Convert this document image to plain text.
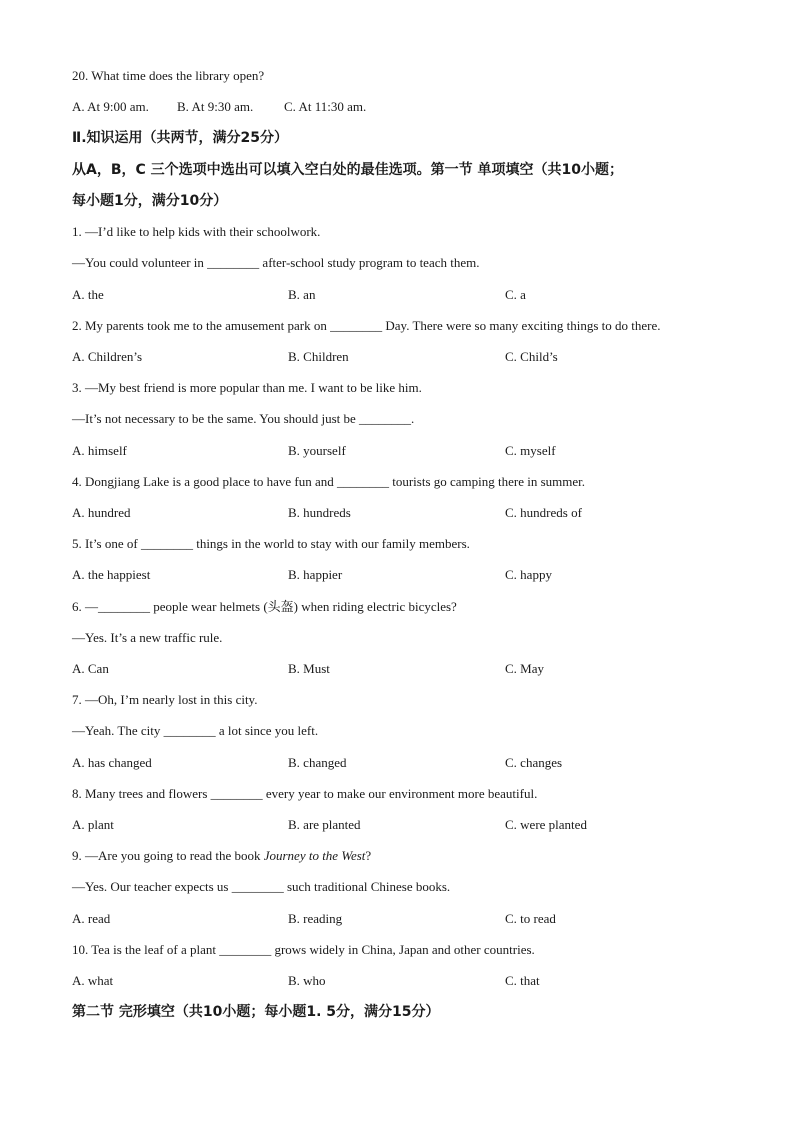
20. What time does the library open?
A. At 9:00 am. B. At 9:30 am. C. At 11:30 am.
Ⅱ.知识运用（共两节，满分25分）
从A，B，C 三个选项中选出可以填入空白处的最佳选项。第一节 单项填空（共10小题；
每小题1分，满分10分）
1. —I’d like to help kids with their schoolwork.
—You could volunteer in ________ after-school study program to teach them.
A. the	B. an	C. a
2. My parents took me to the amusement park on ________ Day. There were so many exciting things to do there.
A. Children’s	B. Children	C. Child’s
3. —My best friend is more popular than me. I want to be like him.
—It’s not necessary to be the same. You should just be ________.
A. himself	B. yourself	C. myself
4. Dongjiang Lake is a good place to have fun and ________ tourists go camping there in summer.
A. hundred	B. hundreds	C. hundreds of
5. It’s one of ________ things in the world to stay with our family members.
A. the happiest	B. happier	C. happy
6. —________ people wear helmets (头盔) when riding electric bicycles?
—Yes. It’s a new traffic rule.
A. Can	B. Must	C. May
7. —Oh, I’m nearly lost in this city.
—Yeah. The city ________ a lot since you left.
A. has changed	B. changed	C. changes
8. Many trees and flowers ________ every year to make our environment more beautiful.
A. plant	B. are planted	C. were planted
9. —Are you going to read the book Journey to the West?
—Yes. Our teacher expects us ________ such traditional Chinese books.
A. read	B. reading	C. to read
10. Tea is the leaf of a plant ________ grows widely in China, Japan and other countries.
A. what	B. who	C. that
第二节 完形填空（共10小题；每小题1. 5分，满分15分）
